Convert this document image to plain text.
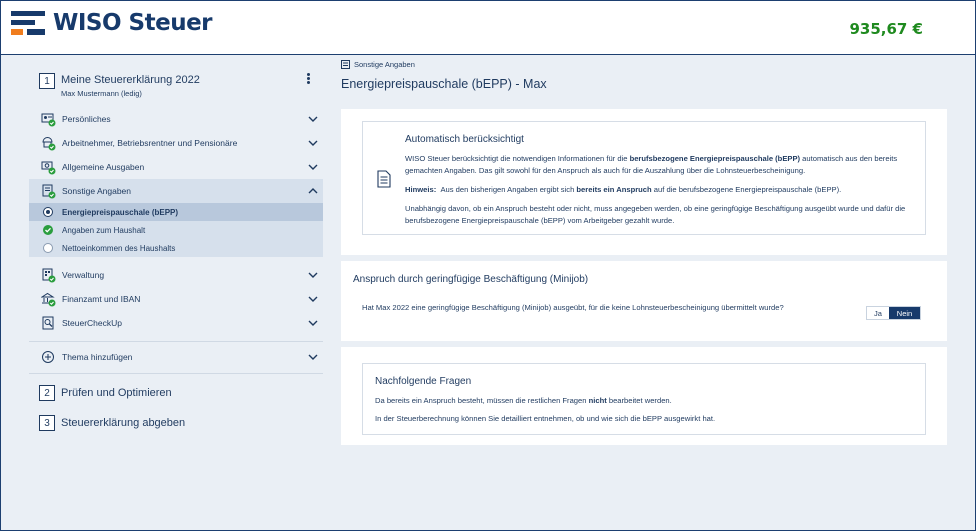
WISO Steuer	935,67 €
1	Meine Steuererklärung 2022
Max Mustermann (ledig)
Persönliches
Arbeitnehmer, Betriebsrentner und Pensionäre
Allgemeine Ausgaben
Sonstige Angaben
Energiepreispauschale (bEPP)
Angaben zum Haushalt
Nettoeinkommen des Haushalts
Verwaltung
Finanzamt und IBAN
SteuerCheckUp
Thema hinzufügen
2	Prüfen und Optimieren
3	Steuererklärung abgeben
Sonstige Angaben
Energiepreispauschale (bEPP) - Max
Automatisch berücksichtigt
WISO Steuer berücksichtigt die notwendigen Informationen für die berufsbezogene Energiepreispauschale (bEPP) automatisch aus den bereits gemachten Angaben. Das gilt sowohl für den Anspruch als auch für die Auszahlung über die Lohnsteuerbescheinigung.
Hinweis: Aus den bisherigen Angaben ergibt sich bereits ein Anspruch auf die berufsbezogene Energiepreispauschale (bEPP).
Unabhängig davon, ob ein Anspruch besteht oder nicht, muss angegeben werden, ob eine geringfügige Beschäftigung ausgeübt wurde und dafür die berufsbezogene Energiepreispauschale (bEPP) vom Arbeitgeber gezahlt wurde.
Anspruch durch geringfügige Beschäftigung (Minijob)
Hat Max 2022 eine geringfügige Beschäftigung (Minijob) ausgeübt, für die keine Lohnsteuerbescheinigung übermittelt wurde?
Ja	Nein
Nachfolgende Fragen
Da bereits ein Anspruch besteht, müssen die restlichen Fragen nicht bearbeitet werden.
In der Steuerberechnung können Sie detailliert entnehmen, ob und wie sich die bEPP ausgewirkt hat.
